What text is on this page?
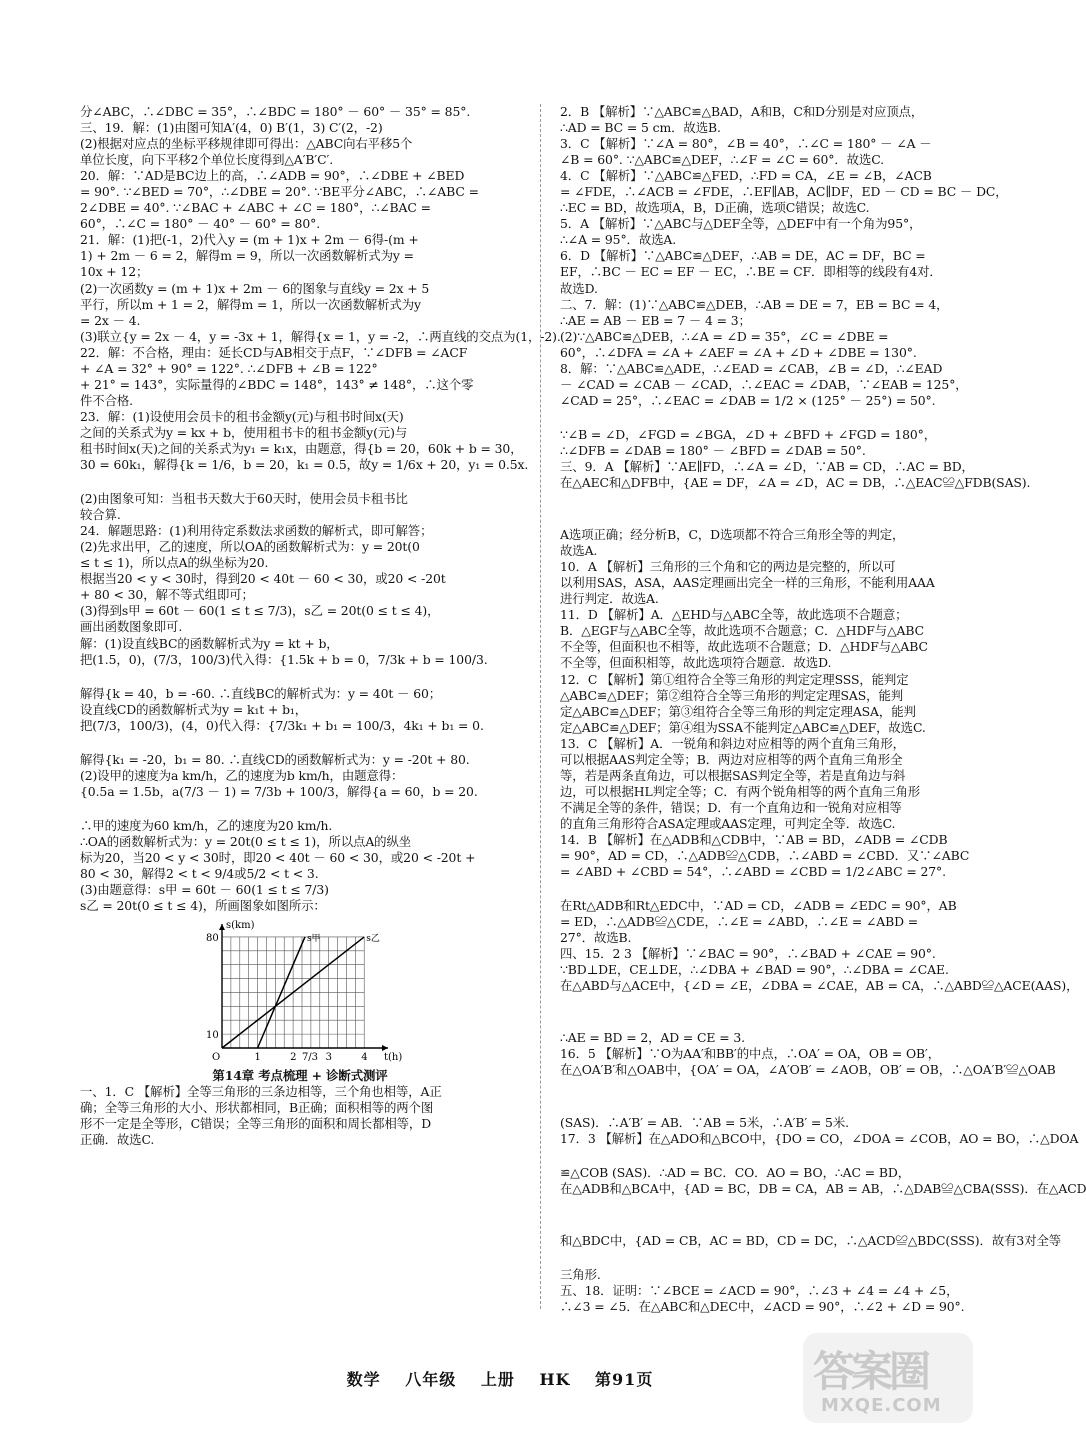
分∠ABC，∴∠DBC = 35°，∴∠BDC = 180° － 60° － 35° = 85°.
三、19．解：(1)由图可知A′(4，0) B′(1，3) C′(2，-2)
(2)根据对应点的坐标平移规律即可得出：△ABC向右平移5个
单位长度，向下平移2个单位长度得到△A′B′C′.
20．解：∵AD是BC边上的高，∴∠ADB = 90°，∴∠DBE + ∠BED
= 90°. ∵∠BED = 70°，∴∠DBE = 20°. ∵BE平分∠ABC，∴∠ABC =
2∠DBE = 40°. ∵∠BAC + ∠ABC + ∠C = 180°，∴∠BAC =
60°，∴∠C = 180° － 40° － 60° = 80°.
21．解：(1)把(-1，2)代入y = (m + 1)x + 2m － 6得-(m +
1) + 2m － 6 = 2，解得m = 9，所以一次函数解析式为y =
10x + 12；
(2)一次函数y = (m + 1)x + 2m － 6的图象与直线y = 2x + 5
平行，所以m + 1 = 2，解得m = 1，所以一次函数解析式为y
= 2x － 4.
(3)联立{y = 2x － 4，y = -3x + 1，解得{x = 1，y = -2，∴两直线的交点为(1，-2).
22．解：不合格，理由：延长CD与AB相交于点F，∵∠DFB = ∠ACF
+ ∠A = 32° + 90° = 122°. ∴∠DFB + ∠B = 122°
+ 21° = 143°，实际量得的∠BDC = 148°，143° ≠ 148°，∴这个零
件不合格.
23．解：(1)设使用会员卡的租书金额y(元)与租书时间x(天)
之间的关系式为y = kx + b，使用租书卡的租书金额y(元)与
租书时间x(天)之间的关系式为y₁ = k₁x，由题意，得{b = 20，60k + b = 30，
30 = 60k₁，解得{k = 1/6，b = 20，k₁ = 0.5，故y = 1/6x + 20，y₁ = 0.5x.
(2)由图象可知：当租书天数大于60天时，使用会员卡租书比
较合算.
24．解题思路：(1)利用待定系数法求函数的解析式，即可解答；
(2)先求出甲，乙的速度，所以OA的函数解析式为：y = 20t(0
≤ t ≤ 1)，所以点A的纵坐标为20.
根据当20 < y < 30时，得到20 < 40t － 60 < 30，或20 < -20t
+ 80 < 30，解不等式组即可；
(3)得到s甲 = 60t － 60(1 ≤ t ≤ 7/3)，s乙 = 20t(0 ≤ t ≤ 4)，
画出函数图象即可.
解：(1)设直线BC的函数解析式为y = kt + b，
把(1.5，0)，(7/3，100/3)代入得：{1.5k + b = 0，7/3k + b = 100/3.
解得{k = 40，b = -60. ∴直线BC的解析式为：y = 40t － 60；
设直线CD的函数解析式为y = k₁t + b₁，
把(7/3，100/3)，(4，0)代入得：{7/3k₁ + b₁ = 100/3，4k₁ + b₁ = 0.
解得{k₁ = -20，b₁ = 80. ∴直线CD的函数解析式为：y = -20t + 80.
(2)设甲的速度为a km/h，乙的速度为b km/h，由题意得：
{0.5a = 1.5b，a(7/3 － 1) = 7/3b + 100/3，解得{a = 60，b = 20.
∴甲的速度为60 km/h，乙的速度为20 km/h.
∴OA的函数解析式为：y = 20t(0 ≤ t ≤ 1)，所以点A的纵坐
标为20，当20 < y < 30时，即20 < 40t － 60 < 30，或20 < -20t +
80 < 30，解得2 < t < 9/4或5/2 < t < 3.
(3)由题意得：s甲 = 60t － 60(1 ≤ t ≤ 7/3)
s乙 = 20t(0 ≤ t ≤ 4)，所画图象如图所示：
s甲	s乙
O	1	2 7/3 3	4
10
80
t(h)
s(km)
第14章 考点梳理 + 诊断式测评
一、1．C 【解析】全等三角形的三条边相等，三个角也相等，A正
确；全等三角形的大小、形状都相同，B正确；面积相等的两个图
形不一定是全等形，C错误；全等三角形的面积和周长都相等，D
正确．故选C.
2．B 【解析】∵△ABC≌△BAD，A和B，C和D分别是对应顶点，
∴AD = BC = 5 cm．故选B.
3．C 【解析】∵∠A = 80°，∠B = 40°，∴∠C = 180° － ∠A －
∠B = 60°. ∵△ABC≌△DEF，∴∠F = ∠C = 60°．故选C.
4．C 【解析】∵△ABC≌△FED，∴FD = CA，∠E = ∠B，∠ACB
= ∠FDE，∴∠ACB = ∠FDE，∴EF∥AB，AC∥DF，ED － CD = BC － DC，
∴EC = BD，故选项A，B，D正确，选项C错误；故选C.
5．A 【解析】∵△ABC与△DEF全等，△DEF中有一个角为95°，
∴∠A = 95°．故选A.
6．D 【解析】∵△ABC≌△DEF，∴AB = DE，AC = DF，BC =
EF，∴BC － EC = EF － EC，∴BE = CF．即相等的线段有4对．
故选D.
二、7．解：(1)∵△ABC≌△DEB，∴AB = DE = 7，EB = BC = 4，
∴AE = AB － EB = 7 － 4 = 3；
(2)∵△ABC≌△DEB，∴∠A = ∠D = 35°，∠C = ∠DBE =
60°，∴∠DFA = ∠A + ∠AEF = ∠A + ∠D + ∠DBE = 130°.
8．解：∵△ABC≌△ADE，∴∠EAD = ∠CAB，∠B = ∠D，∴∠EAD
－ ∠CAD = ∠CAB － ∠CAD，∴∠EAC = ∠DAB，∵∠EAB = 125°，
∠CAD = 25°，∴∠EAC = ∠DAB = 1/2 × (125° － 25°) = 50°.
∵∠B = ∠D，∠FGD = ∠BGA，∠D + ∠BFD + ∠FGD = 180°，
∴∠DFB = ∠DAB = 180° － ∠BFD = ∠DAB = 50°.
三、9．A 【解析】∵AE∥FD，∴∠A = ∠D，∵AB = CD，∴AC = BD，
在△AEC和△DFB中，{AE = DF，∠A = ∠D，AC = DB，∴△EAC≌△FDB(SAS).
A选项正确；经分析B，C，D选项都不符合三角形全等的判定，
故选A.
10．A 【解析】三角形的三个角和它的两边是完整的，所以可
以利用SAS，ASA，AAS定理画出完全一样的三角形，不能利用AAA
进行判定．故选A.
11．D 【解析】A．△EHD与△ABC全等，故此选项不合题意；
B．△EGF与△ABC全等，故此选项不合题意；C．△HDF与△ABC
不全等，但面积也不相等，故此选项不合题意；D．△HDF与△ABC
不全等，但面积相等，故此选项符合题意．故选D.
12．C 【解析】第①组符合全等三角形的判定定理SSS，能判定
△ABC≌△DEF；第②组符合全等三角形的判定定理SAS，能判
定△ABC≌△DEF；第③组符合全等三角形的判定定理ASA，能判
定△ABC≌△DEF；第④组为SSA不能判定△ABC≌△DEF，故选C.
13．C 【解析】A．一锐角和斜边对应相等的两个直角三角形，
可以根据AAS判定全等；B．两边对应相等的两个直角三角形全
等，若是两条直角边，可以根据SAS判定全等，若是直角边与斜
边，可以根据HL判定全等；C．有两个锐角相等的两个直角三角形
不满足全等的条件，错误；D．有一个直角边和一锐角对应相等
的直角三角形符合ASA定理或AAS定理，可判定全等．故选C.
14．B 【解析】在△ADB和△CDB中，∵AB = BD，∠ADB = ∠CDB
= 90°，AD = CD，∴△ADB≌△CDB，∴∠ABD = ∠CBD．又∵∠ABC
= ∠ABD + ∠CBD = 54°，∴∠ABD = ∠CBD = 1/2∠ABC = 27°.
在Rt△ADB和Rt△EDC中，∵AD = CD，∠ADB = ∠EDC = 90°，AB
= ED，∴△ADB≌△CDE，∴∠E = ∠ABD，∴∠E = ∠ABD =
27°．故选B.
四、15．2 3 【解析】∵∠BAC = 90°，∴∠BAD + ∠CAE = 90°.
∵BD⊥DE，CE⊥DE，∴∠DBA + ∠BAD = 90°，∴∠DBA = ∠CAE.
在△ABD与△ACE中，{∠D = ∠E，∠DBA = ∠CAE，AB = CA，∴△ABD≌△ACE(AAS)，
∴AE = BD = 2，AD = CE = 3.
16．5 【解析】∵O为AA′和BB′的中点，∴OA′ = OA，OB = OB′，
在△OA′B′和△OAB中，{OA′ = OA，∠A′OB′ = ∠AOB，OB′ = OB，∴△OA′B′≌△OAB
(SAS)．∴A′B′ = AB．∵AB = 5米，∴A′B′ = 5米.
17．3 【解析】在△ADO和△BCO中，{DO = CO，∠DOA = ∠COB，AO = BO，∴△DOA
≌△COB (SAS)．∴AD = BC．CO．AO = BO，∴AC = BD，
在△ADB和△BCA中，{AD = BC，DB = CA，AB = AB，∴△DAB≌△CBA(SSS)．在△ACD
和△BDC中，{AD = CB，AC = BD，CD = DC，∴△ACD≌△BDC(SSS)．故有3对全等
三角形.
五、18．证明：∵∠BCE = ∠ACD = 90°，∴∠3 + ∠4 = ∠4 + ∠5，
∴∠3 = ∠5．在△ABC和△DEC中，∠ACD = 90°，∴∠2 + ∠D = 90°.
数学 八年级 上册 HK 第91页	答案圈
MXQE.COM
